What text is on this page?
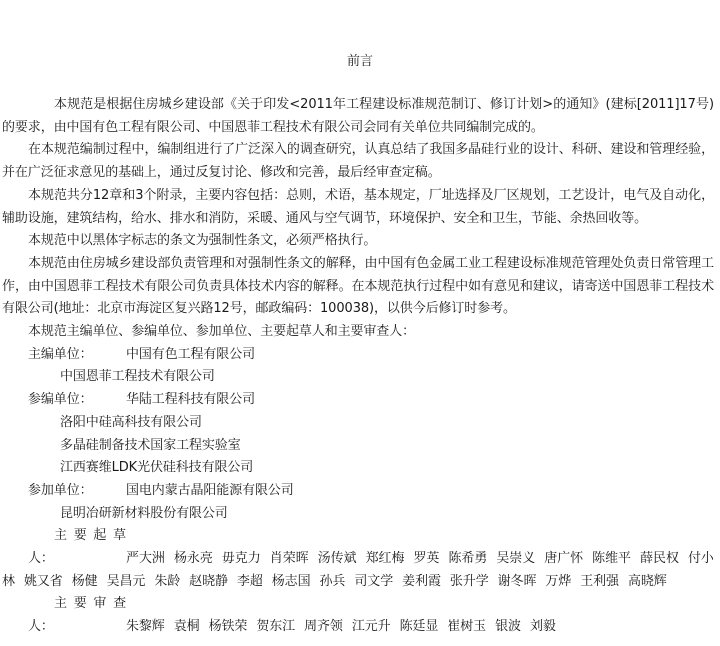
前言

本规范是根据住房城乡建设部《关于印发<2011年工程建设标准规范制订、修订计划>的通知》(建标[2011]17号)的要求，由中国有色工程有限公司、中国恩菲工程技术有限公司会同有关单位共同编制完成的。

在本规范编制过程中，编制组进行了广泛深入的调查研究，认真总结了我国多晶硅行业的设计、科研、建设和管理经验，并在广泛征求意见的基础上，通过反复讨论、修改和完善，最后经审查定稿。

本规范共分12章和3个附录，主要内容包括：总则，术语，基本规定，厂址选择及厂区规划，工艺设计，电气及自动化，辅助设施，建筑结构，给水、排水和消防，采暖、通风与空气调节，环境保护、安全和卫生，节能、余热回收等。

本规范中以黑体字标志的条文为强制性条文，必须严格执行。

本规范由住房城乡建设部负责管理和对强制性条文的解释，由中国有色金属工业工程建设标准规范管理处负责日常管理工作，由中国恩菲工程技术有限公司负责具体技术内容的解释。在本规范执行过程中如有意见和建议，请寄送中国恩菲工程技术有限公司(地址：北京市海淀区复兴路12号，邮政编码：100038)，以供今后修订时参考。

本规范主编单位、参编单位、参加单位、主要起草人和主要审查人：

主编单位：	中国有色工程有限公司

中国恩菲工程技术有限公司

参编单位：	华陆工程科技有限公司

洛阳中硅高科技有限公司

多晶硅制备技术国家工程实验室

江西赛维LDK光伏硅科技有限公司

参加单位：	国电内蒙古晶阳能源有限公司

昆明冶研新材料股份有限公司

主要起草人：	严大洲 杨永亮 毋克力 肖荣晖 汤传斌 郑红梅 罗英 陈希勇 吴崇义 唐广怀 陈维平 薛民权 付小林 姚又省 杨健 吴昌元 朱龄 赵晓静 李超 杨志国 孙兵 司文学 姜利霞 张升学 谢冬晖 万烨 王利强 高晓辉

主要审查人：	朱黎辉 袁桐 杨铁荣 贺东江 周齐领 江元升 陈廷显 崔树玉 银波 刘毅
